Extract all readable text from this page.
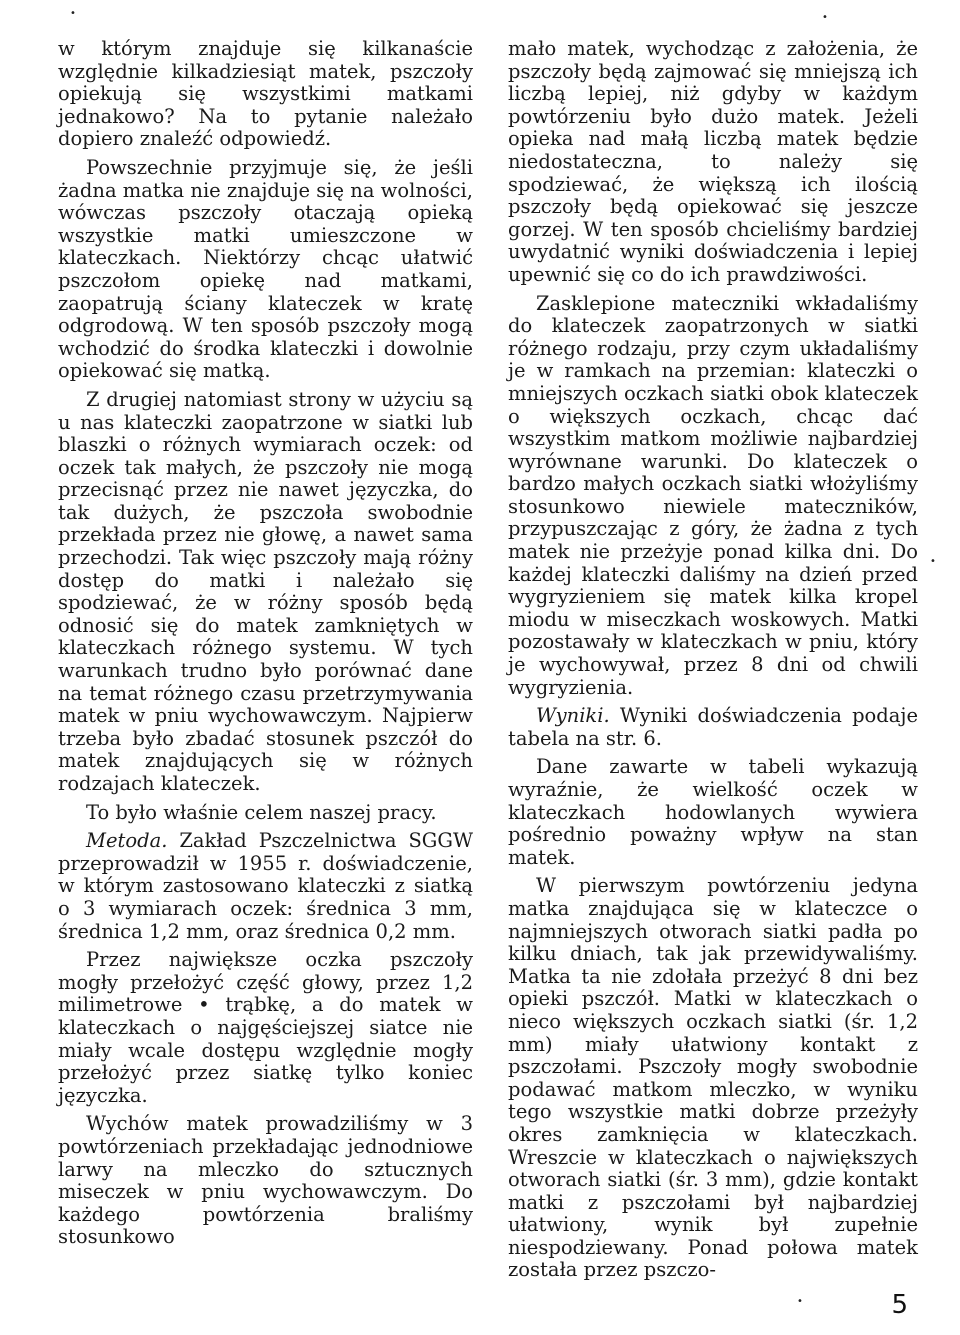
•	•

w którym znajduje się kilkanaście względnie kilkadziesiąt matek, pszczoły opiekują się wszystkimi matkami jednakowo? Na to pytanie należało dopiero znaleźć odpowiedź.

Powszechnie przyjmuje się, że jeśli żadna matka nie znajduje się na wolności, wówczas pszczoły otaczają opieką wszystkie matki umieszczone w klateczkach. Niektórzy chcąc ułatwić pszczołom opiekę nad matkami, zaopatrują ściany klateczek w kratę odgrodową. W ten sposób pszczoły mogą wchodzić do środka klateczki i dowolnie opiekować się matką.

Z drugiej natomiast strony w użyciu są u nas klateczki zaopatrzone w siatki lub blaszki o różnych wymiarach oczek: od oczek tak małych, że pszczoły nie mogą przecisnąć przez nie nawet języczka, do tak dużych, że pszczoła swobodnie przekłada przez nie głowę, a nawet sama przechodzi. Tak więc pszczoły mają różny dostęp do matki i należało się spodziewać, że w różny sposób będą odnosić się do matek zamkniętych w klateczkach różnego systemu. W tych warunkach trudno było porównać dane na temat różnego czasu przetrzymywania matek w pniu wychowawczym. Najpierw trzeba było zbadać stosunek pszczół do matek znajdujących się w różnych rodzajach klateczek.

To było właśnie celem naszej pracy.

Metoda. Zakład Pszczelnictwa SGGW przeprowadził w 1955 r. doświadczenie, w którym zastosowano klateczki z siatką o 3 wymiarach oczek: średnica 3 mm, średnica 1,2 mm, oraz średnica 0,2 mm.

Przez największe oczka pszczoły mogły przełożyć część głowy, przez 1,2 milimetrowe • trąbkę, a do matek w klateczkach o najgęściejszej siatce nie miały wcale dostępu względnie mogły przełożyć przez siatkę tylko koniec języczka.

Wychów matek prowadziliśmy w 3 powtórzeniach przekładając jednodniowe larwy na mleczko do sztucznych miseczek w pniu wychowawczym. Do każdego powtórzenia braliśmy stosunkowo

mało matek, wychodząc z założenia, że pszczoły będą zajmować się mniejszą ich liczbą lepiej, niż gdyby w każdym powtórzeniu było dużo matek. Jeżeli opieka nad małą liczbą matek będzie niedostateczna, to należy się spodziewać, że większą ich ilością pszczoły będą opiekować się jeszcze gorzej. W ten sposób chcieliśmy bardziej uwydatnić wyniki doświadczenia i lepiej upewnić się co do ich prawdziwości.

Zasklepione mateczniki wkładaliśmy do klateczek zaopatrzonych w siatki różnego rodzaju, przy czym układaliśmy je w ramkach na przemian: klateczki o mniejszych oczkach siatki obok klateczek o większych oczkach, chcąc dać wszystkim matkom możliwie najbardziej wyrównane warunki. Do klateczek o bardzo małych oczkach siatki włożyliśmy stosunkowo niewiele mateczników, przypuszczając z góry, że żadna z tych matek nie przeżyje ponad kilka dni. Do każdej klateczki daliśmy na dzień przed wygryzieniem się matek kilka kropel miodu w miseczkach woskowych. Matki pozostawały w klateczkach w pniu, który je wychowywał, przez 8 dni od chwili wygryzienia.

Wyniki. Wyniki doświadczenia podaje tabela na str. 6.

Dane zawarte w tabeli wykazują wyraźnie, że wielkość oczek w klateczkach hodowlanych wywiera pośrednio poważny wpływ na stan matek.

W pierwszym powtórzeniu jedyna matka znajdująca się w klateczce o najmniejszych otworach siatki padła po kilku dniach, tak jak przewidywaliśmy. Matka ta nie zdołała przeżyć 8 dni bez opieki pszczół. Matki w klateczkach o nieco większych oczkach siatki (śr. 1,2 mm) miały ułatwiony kontakt z pszczołami. Pszczoły mogły swobodnie podawać matkom mleczko, w wyniku tego wszystkie matki dobrze przeżyły okres zamknięcia w klateczkach. Wreszcie w klateczkach o największych otworach siatki (śr. 3 mm), gdzie kontakt matki z pszczołami był najbardziej ułatwiony, wynik był zupełnie niespodziewany. Ponad połowa matek została przez pszczo-

•
•	5
